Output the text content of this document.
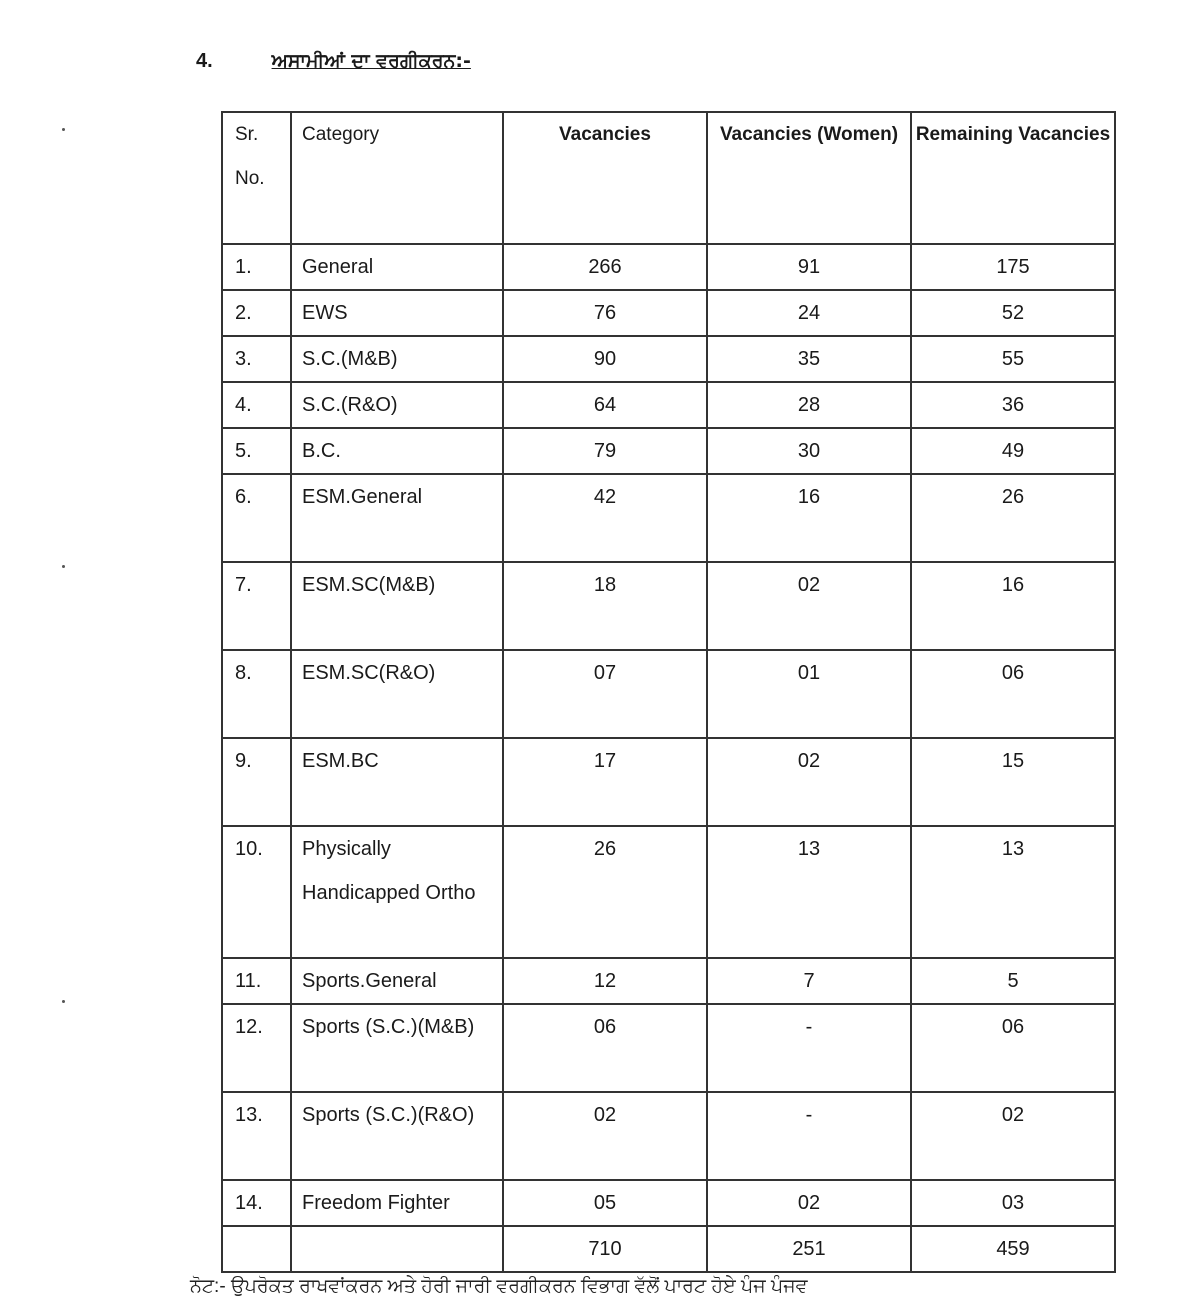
4.	ਅਸਾਮੀਆਂ ਦਾ ਵਰਗੀਕਰਨ:-
Sr. No.	Category	Vacancies	Vacancies (Women)	Remaining Vacancies
1.	General	266	91	175
2.	EWS	76	24	52
3.	S.C.(M&B)	90	35	55
4.	S.C.(R&O)	64	28	36
5.	B.C.	79	30	49
6.	ESM.General	42	16	26
7.	ESM.SC(M&B)	18	02	16
8.	ESM.SC(R&O)	07	01	06
9.	ESM.BC	17	02	15
10.	Physically Handicapped Ortho	26	13	13
11.	Sports.General	12	7	5
12.	Sports (S.C.)(M&B)	06	-	06
13.	Sports (S.C.)(R&O)	02	-	02
14.	Freedom Fighter	05	02	03
		710	251	459
ਨੋਟ:- ਉਪਰੋਕਤ ਰਾਖਵਾਂਕਰਨ ਅਤੇ ਹੋਰੀ ਜਾਰੀ ਵਰਗੀਕਰਨ ਵਿਭਾਗ ਵੱਲੋਂ ਪਾਰਟ ਹੋਏ ਪੰਜ ਪੰਜਵ
